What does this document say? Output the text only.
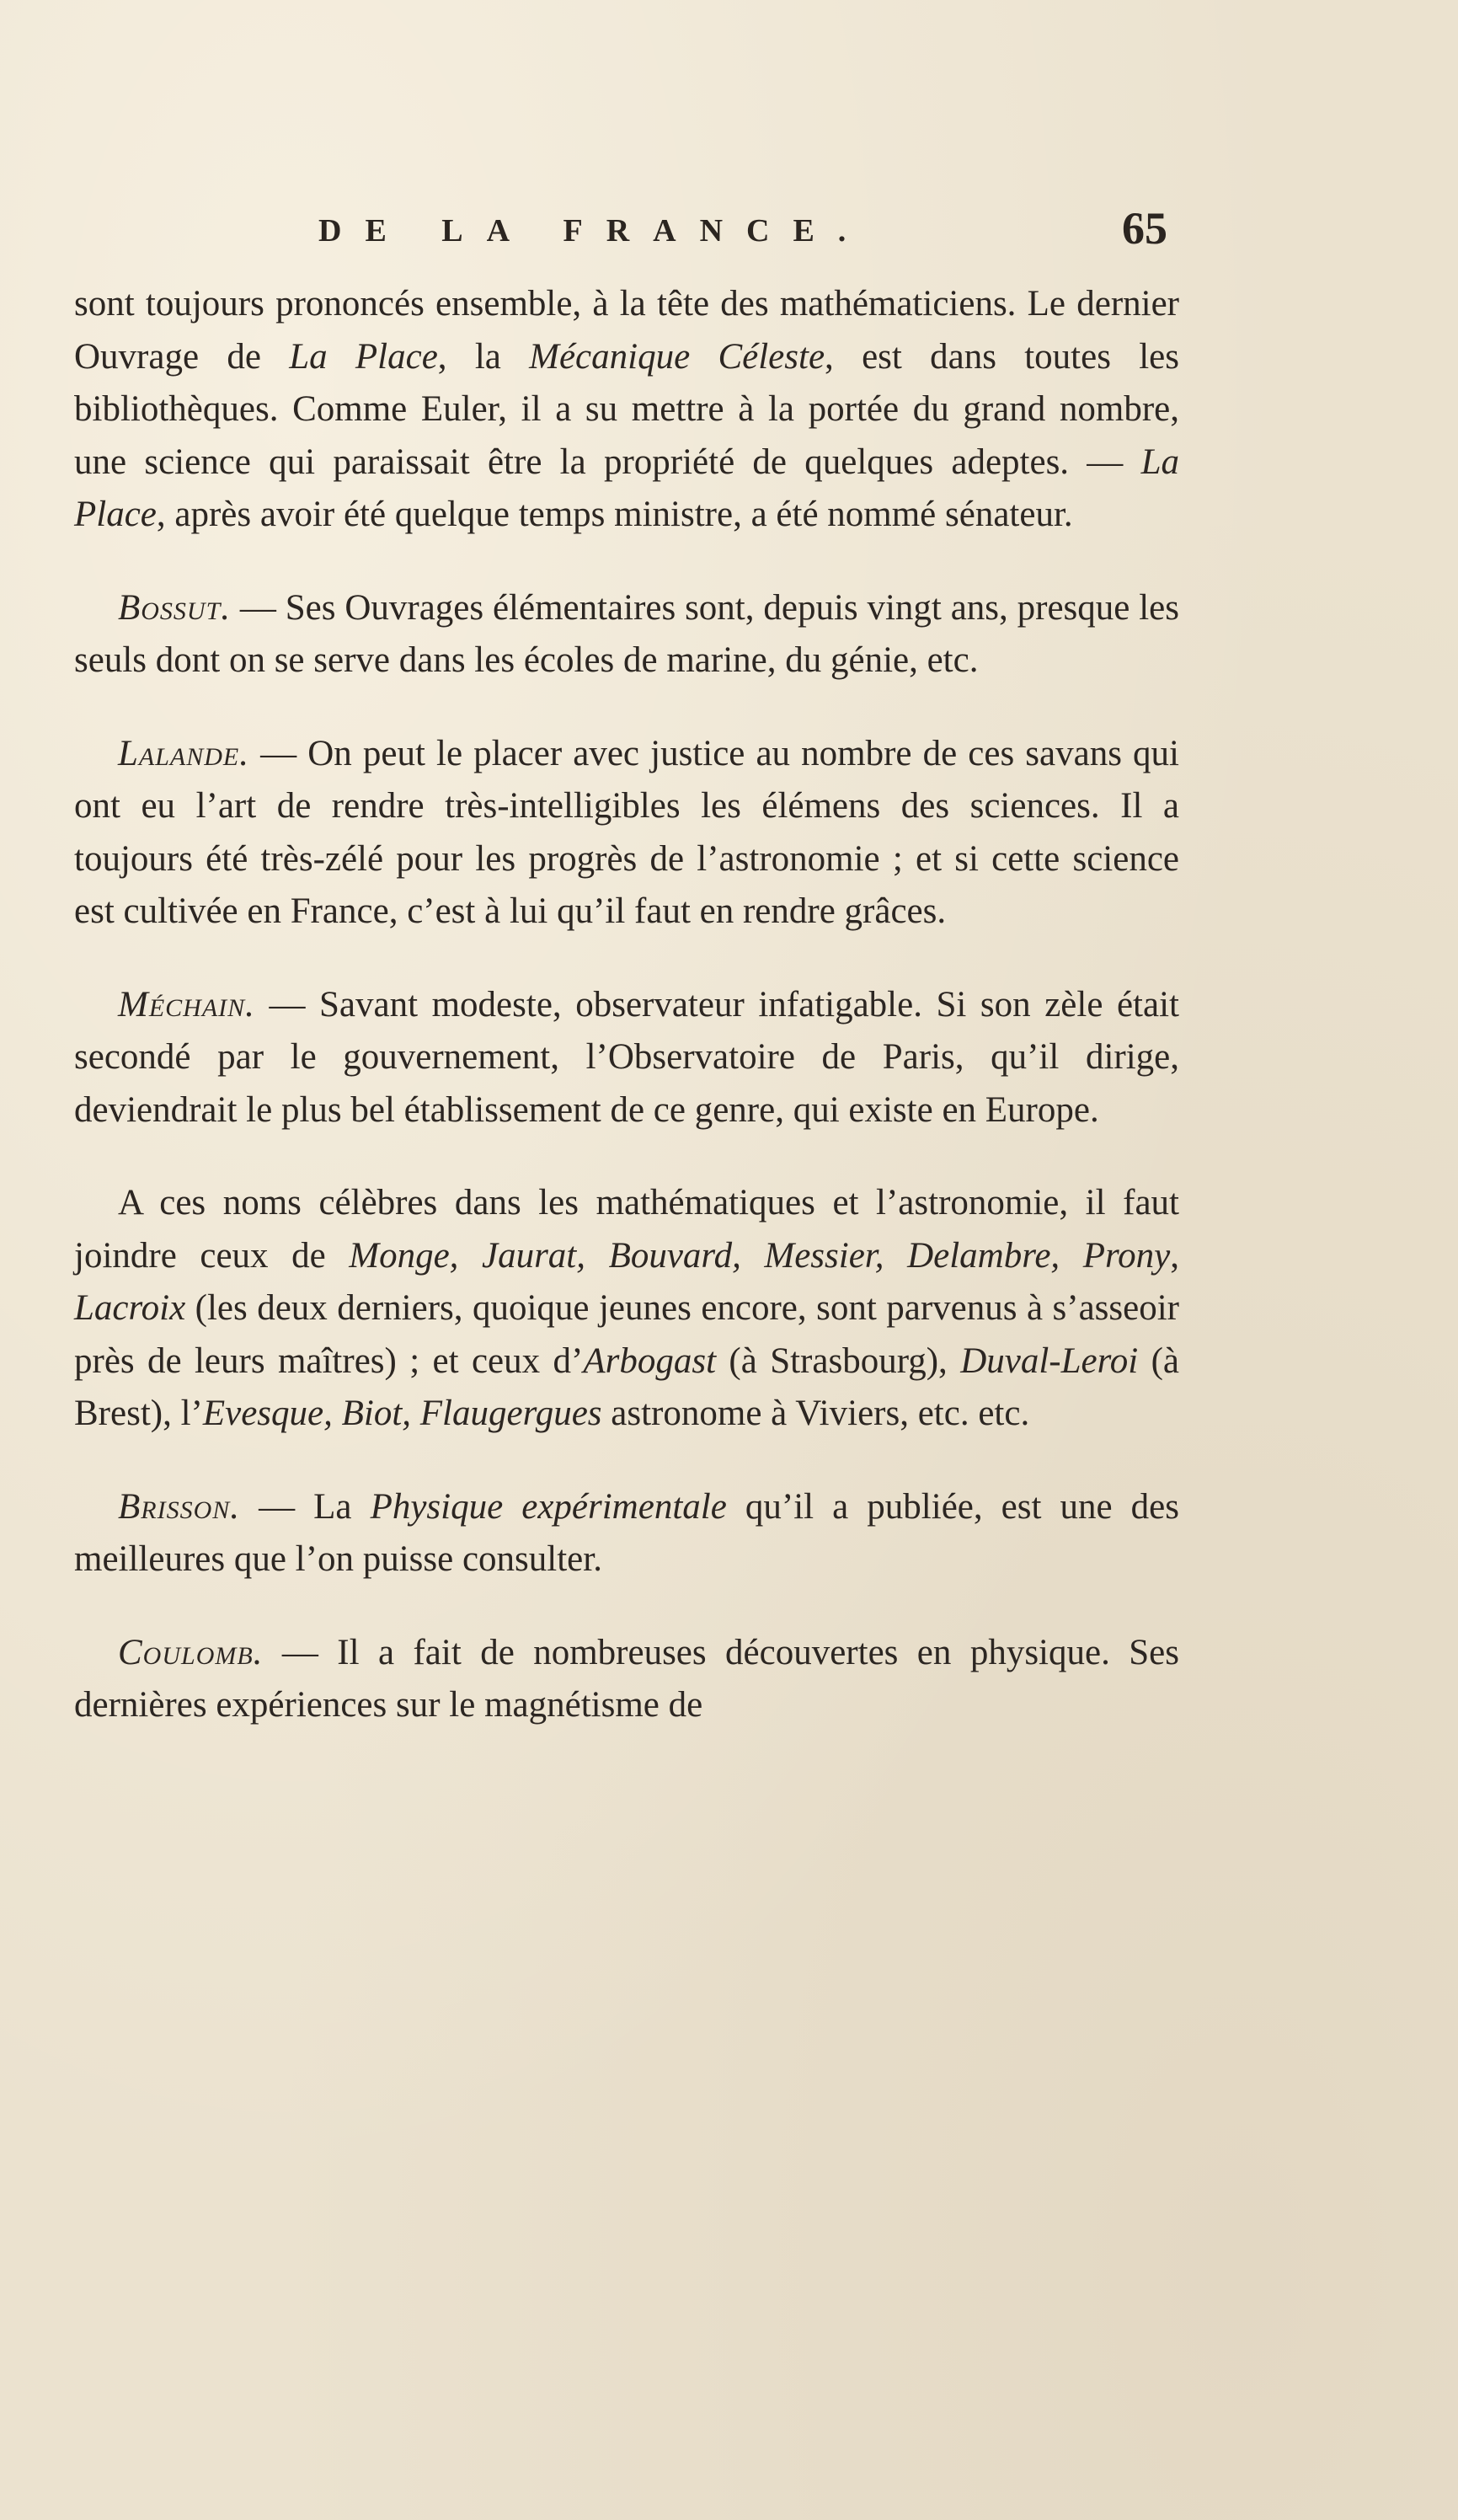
DE LA FRANCE.	65

sont toujours prononcés ensemble, à la tête des mathématiciens. Le dernier Ouvrage de La Place, la Mécanique Céleste, est dans toutes les bibliothèques. Comme Euler, il a su mettre à la portée du grand nombre, une science qui paraissait être la propriété de quelques adeptes. — La Place, après avoir été quelque temps ministre, a été nommé sénateur.

Bossut. — Ses Ouvrages élémentaires sont, depuis vingt ans, presque les seuls dont on se serve dans les écoles de marine, du génie, etc.

Lalande. — On peut le placer avec justice au nombre de ces savans qui ont eu l’art de rendre très-intelligibles les élémens des sciences. Il a toujours été très-zélé pour les progrès de l’astronomie ; et si cette science est cultivée en France, c’est à lui qu’il faut en rendre grâces.

Méchain. — Savant modeste, observateur infatigable. Si son zèle était secondé par le gouvernement, l’Observatoire de Paris, qu’il dirige, deviendrait le plus bel établissement de ce genre, qui existe en Europe.

A ces noms célèbres dans les mathématiques et l’astronomie, il faut joindre ceux de Monge, Jaurat, Bouvard, Messier, Delambre, Prony, Lacroix (les deux derniers, quoique jeunes encore, sont parvenus à s’asseoir près de leurs maîtres) ; et ceux d’Arbogast (à Strasbourg), Duval-Leroi (à Brest), l’Evesque, Biot, Flaugergues astronome à Viviers, etc. etc.

Brisson. — La Physique expérimentale qu’il a publiée, est une des meilleures que l’on puisse consulter.

Coulomb. — Il a fait de nombreuses découvertes en physique. Ses dernières expériences sur le magnétisme de
